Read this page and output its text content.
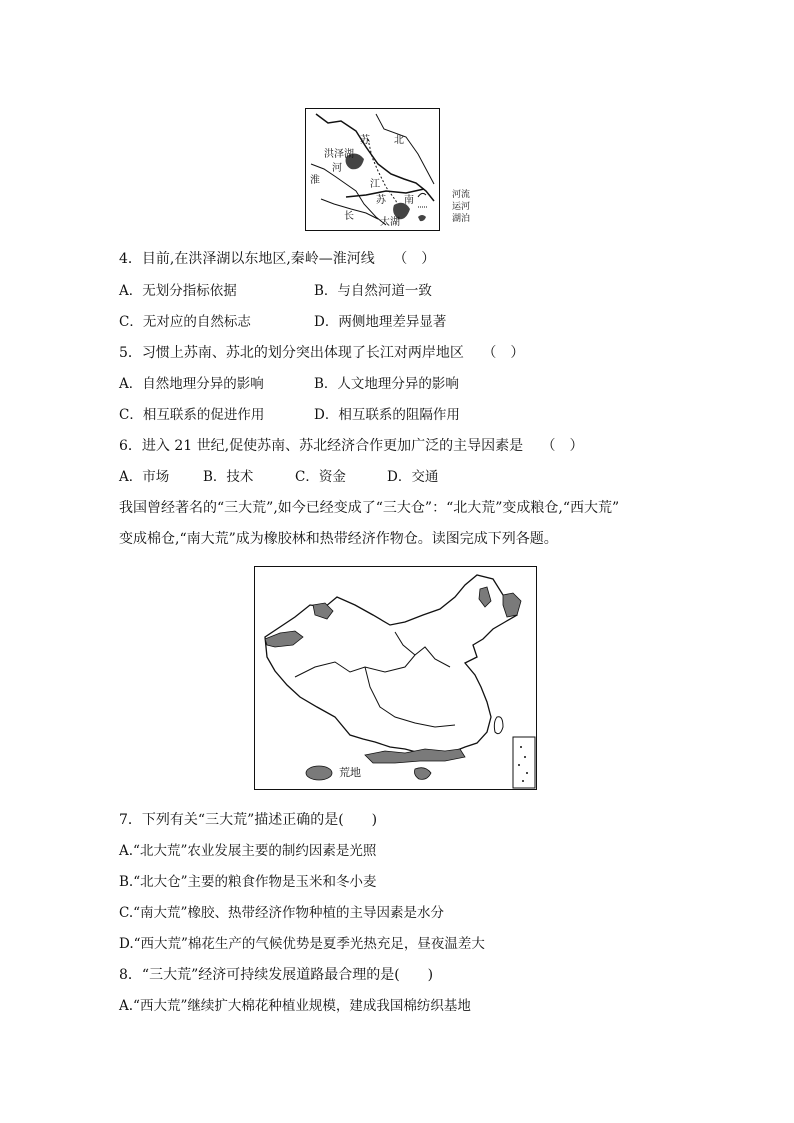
苏 北
洪泽湖
河
淮	江
苏 南
长
太湖
河流
运河
湖泊
4．目前,在洪泽湖以东地区,秦岭—淮河线　 （　）
A．无划分指标依据	B．与自然河道一致
C．无对应的自然标志	D．两侧地理差异显著
5．习惯上苏南、苏北的划分突出体现了长江对两岸地区　 （　）
A．自然地理分异的影响	B．人文地理分异的影响
C．相互联系的促进作用	D．相互联系的阻隔作用
6．进入 21 世纪,促使苏南、苏北经济合作更加广泛的主导因素是　 （　）
A．市场	B．技术	C．资金	D．交通
我国曾经著名的“三大荒”,如今已经变成了“三大仓”：“北大荒”变成粮仓,“西大荒”
变成棉仓,“南大荒”成为橡胶林和热带经济作物仓。读图完成下列各题。
荒地
7．下列有关“三大荒”描述正确的是(　　)
A.“北大荒”农业发展主要的制约因素是光照
B.“北大仓”主要的粮食作物是玉米和冬小麦
C.“南大荒”橡胶、热带经济作物种植的主导因素是水分
D.“西大荒”棉花生产的气候优势是夏季光热充足，昼夜温差大
8．“三大荒”经济可持续发展道路最合理的是(　　)
A.“西大荒”继续扩大棉花种植业规模，建成我国棉纺织基地
